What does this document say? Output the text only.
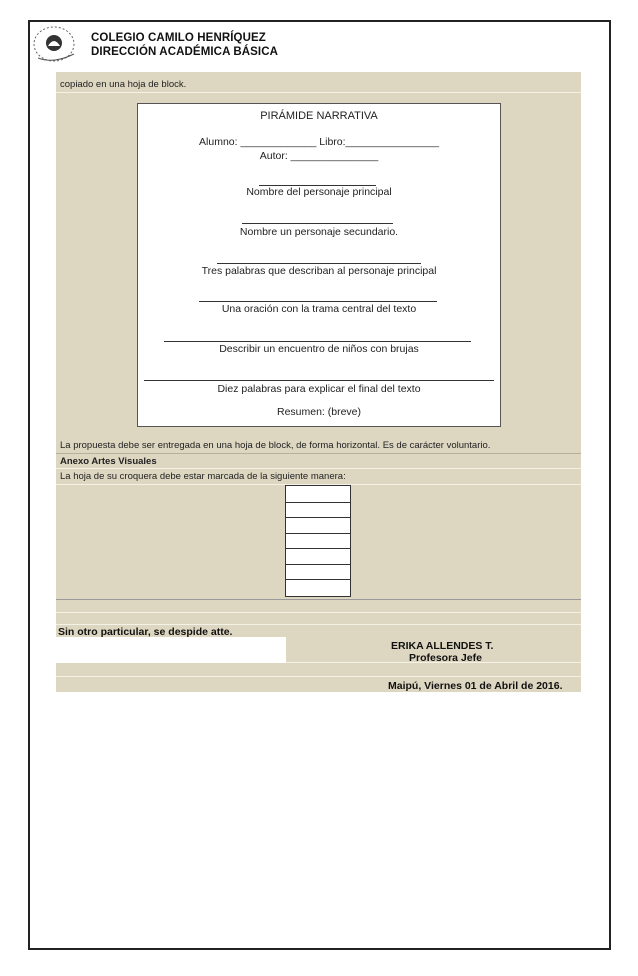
COLEGIO CAMILO HENRÍQUEZ
DIRECCIÓN ACADÉMICA BÁSICA
copiado en una hoja de block.
PIRÁMIDE NARRATIVA
Alumno: _____________ Libro:________________
Autor: _______________
Nombre del personaje principal
Nombre un personaje secundario.
Tres palabras que describan al personaje principal
Una oración con la trama central del texto
Describir un encuentro de niños con brujas
Diez palabras para explicar el final del texto
Resumen: (breve)
La propuesta debe ser entregada en una hoja de block, de forma horizontal. Es de carácter voluntario.
Anexo Artes Visuales
La hoja de su croquera debe estar marcada de la siguiente manera:
Sin otro particular, se despide atte.
ERIKA ALLENDES T.
Profesora Jefe
Maipú, Viernes 01 de Abril de 2016.
